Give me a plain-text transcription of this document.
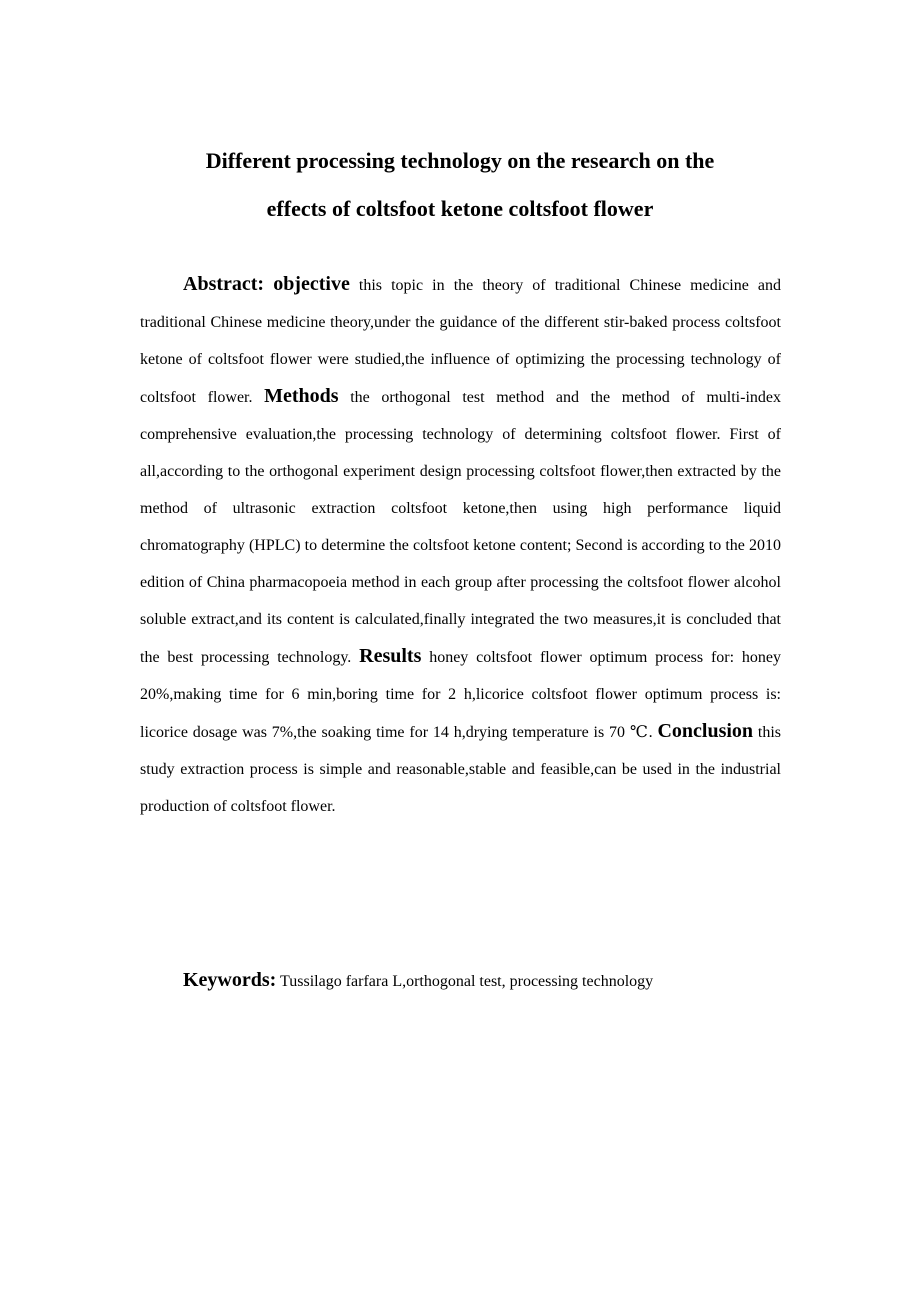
Different processing technology on the research on the
effects of coltsfoot ketone coltsfoot flower

Abstract: objective this topic in the theory of traditional Chinese medicine and traditional Chinese medicine theory,under the guidance of the different stir-baked process coltsfoot ketone of coltsfoot flower were studied,the influence of optimizing the processing technology of coltsfoot flower. Methods the orthogonal test method and the method of multi-index comprehensive evaluation,the processing technology of determining coltsfoot flower. First of all,according to the orthogonal experiment design processing coltsfoot flower,then extracted by the method of ultrasonic extraction coltsfoot ketone,then using high performance liquid chromatography (HPLC) to determine the coltsfoot ketone content; Second is according to the 2010 edition of China pharmacopoeia method in each group after processing the coltsfoot flower alcohol soluble extract,and its content is calculated,finally integrated the two measures,it is concluded that the best processing technology. Results honey coltsfoot flower optimum process for: honey 20%,making time for 6 min,boring time for 2 h,licorice coltsfoot flower optimum process is: licorice dosage was 7%,the soaking time for 14 h,drying temperature is 70 ℃. Conclusion this study extraction process is simple and reasonable,stable and feasible,can be used in the industrial production of coltsfoot flower.

Keywords: Tussilago farfara L,orthogonal test, processing technology
